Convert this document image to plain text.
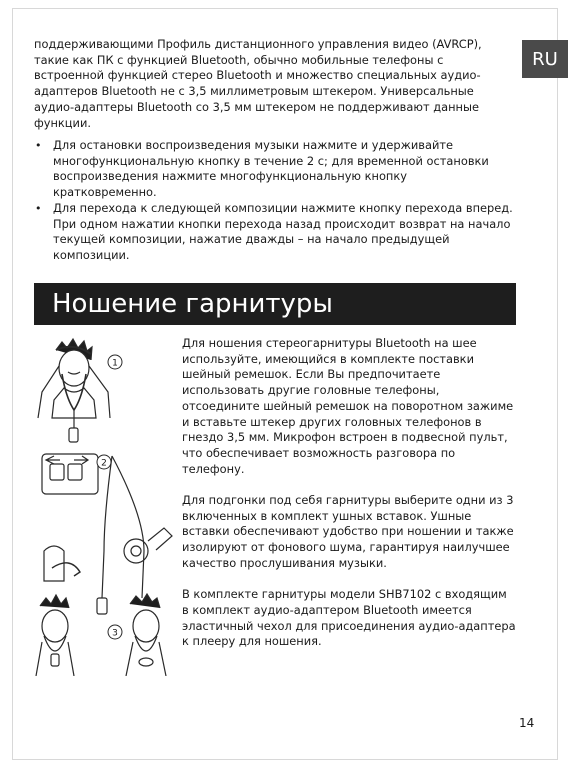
RU

поддерживающими Профиль дистанционного управления видео (AVRCP), такие как ПК с функцией Bluetooth, обычно мобильные телефоны с встроенной функцией стерео Bluetooth и множество специальных аудио-адаптеров Bluetooth не с 3,5 миллиметровым штекером. Универсальные аудио-адаптеры Bluetooth со 3,5 мм штекером не поддерживают данные функции.

• Для остановки воспроизведения музыки нажмите и удерживайте многофункциональную кнопку в течение 2 с; для временной остановки воспроизведения нажмите многофункциональную кнопку кратковременно.
• Для перехода к следующей композиции нажмите кнопку перехода вперед. При одном нажатии кнопки перехода назад происходит возврат на начало текущей композиции, нажатие дважды – на начало предыдущей композиции.
Ношение гарнитуры
1
2
3

Для ношения стереогарнитуры Bluetooth на шее используйте, имеющийся в комплекте поставки шейный ремешок. Если Вы предпочитаете использовать другие головные телефоны, отсоедините шейный ремешок на поворотном зажиме и вставьте штекер других головных телефонов в гнездо 3,5 мм. Микрофон встроен в подвесной пульт, что обеспечивает возможность разговора по телефону.

Для подгонки под себя гарнитуры выберите одни из 3 включенных в комплект ушных вставок. Ушные вставки обеспечивают удобство при ношении и также изолируют от фонового шума, гарантируя наилучшее качество прослушивания музыки.

В комплекте гарнитуры модели SHB7102 с входящим в комплект аудио-адаптером Bluetooth имеется эластичный чехол для присоединения аудио-адаптера к плееру для ношения.

14
